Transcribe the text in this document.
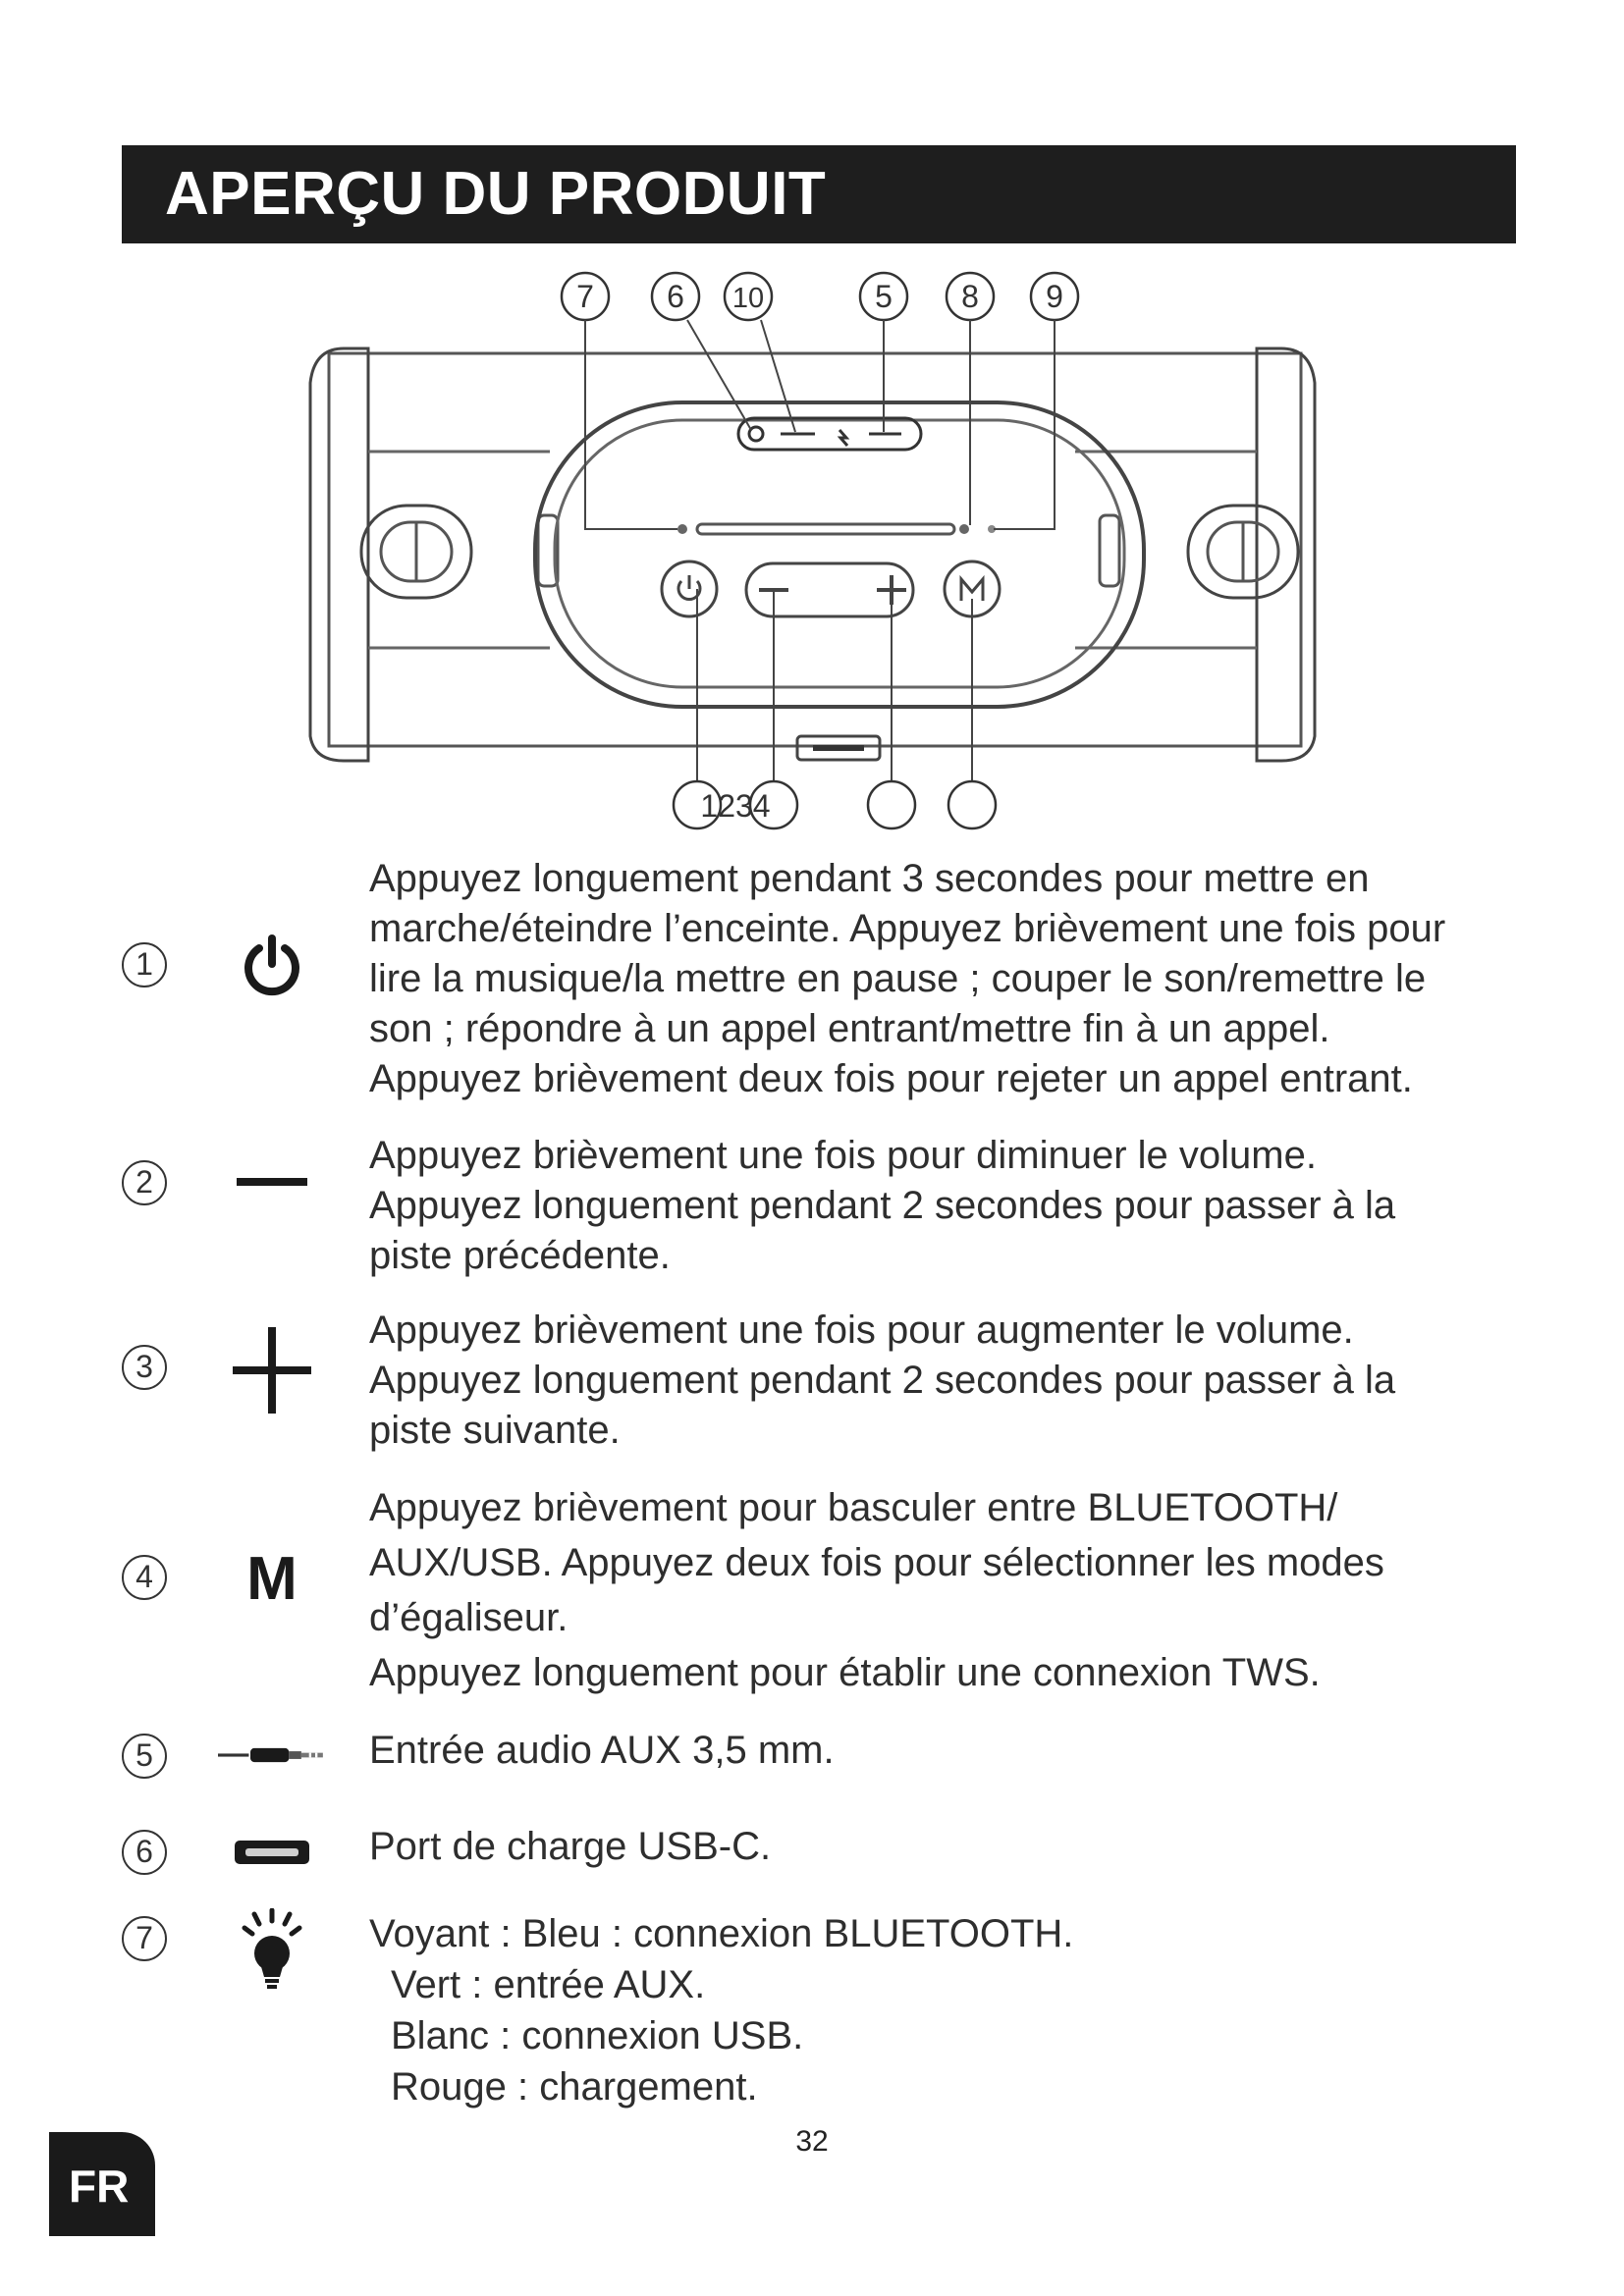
APERÇU DU PRODUIT
7 6 10	5 8 9
1234
1

Appuyez longuement pendant 3 secondes pour mettre en
marche/éteindre l’enceinte. Appuyez brièvement une fois pour
lire la musique/la mettre en pause ; couper le son/remettre le
son ; répondre à un appel entrant/mettre fin à un appel.
Appuyez brièvement deux fois pour rejeter un appel entrant.

2

Appuyez brièvement une fois pour diminuer le volume.
Appuyez longuement pendant 2 secondes pour passer à la
piste précédente.

3

Appuyez brièvement une fois pour augmenter le volume.
Appuyez longuement pendant 2 secondes pour passer à la
piste suivante.

4 M

Appuyez brièvement pour basculer entre BLUETOOTH/
AUX/USB. Appuyez deux fois pour sélectionner les modes
d’égaliseur.
Appuyez longuement pour établir une connexion TWS.

5	Entrée audio AUX 3,5 mm.

6	Port de charge USB-C.

7	Voyant : Bleu : connexion BLUETOOTH.
Vert : entrée AUX.
Blanc : connexion USB.
Rouge : chargement.

32
FR
